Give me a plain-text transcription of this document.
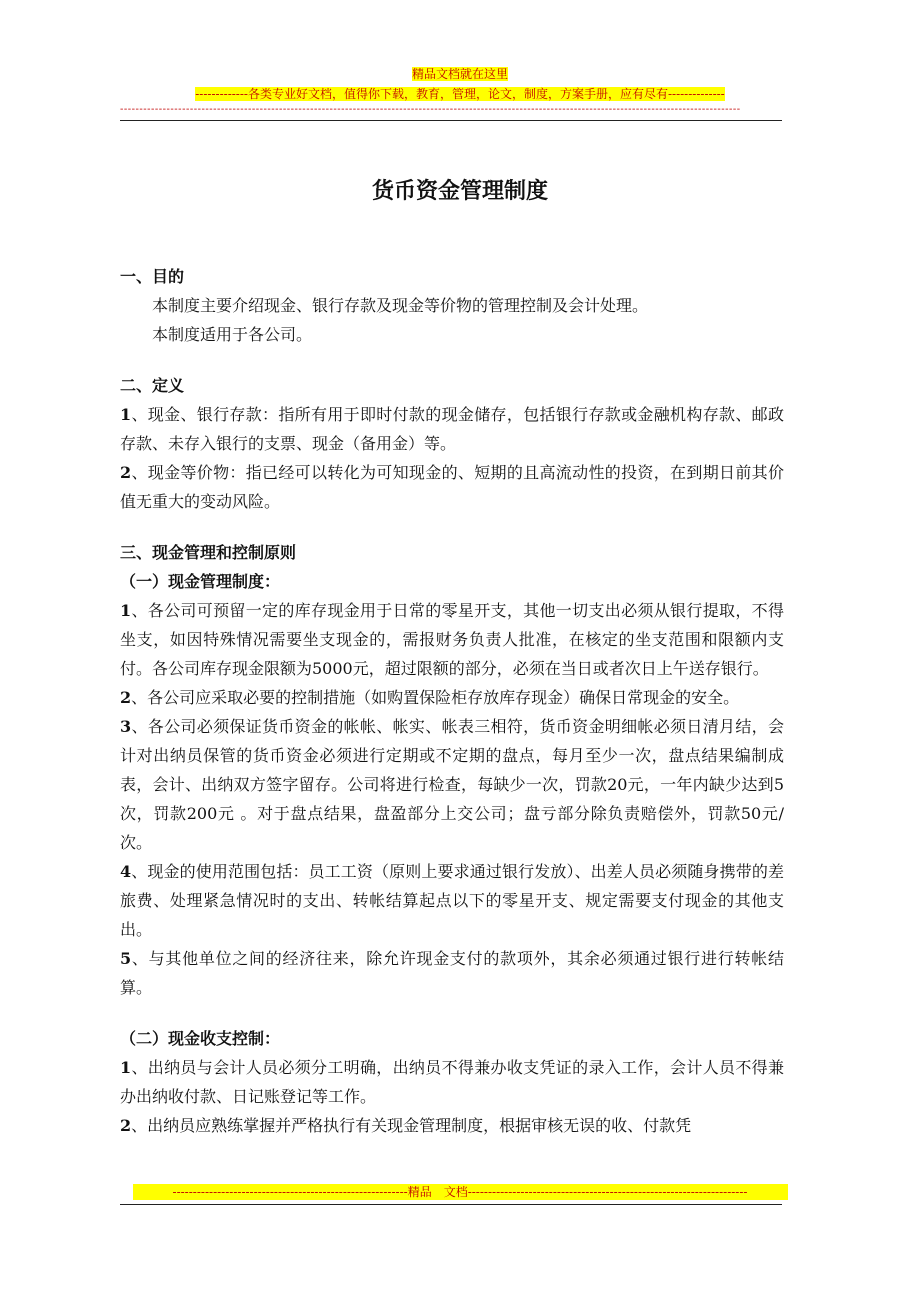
精品文档就在这里
-------------各类专业好文档，值得你下载，教育，管理，论文，制度，方案手册，应有尽有--------------
----------------------------------------------------------------------------------------------------------------------------------------------------------------
货币资金管理制度

一、目的

本制度主要介绍现金、银行存款及现金等价物的管理控制及会计处理。

本制度适用于各公司。

二、定义

1、现金、银行存款：指所有用于即时付款的现金储存，包括银行存款或金融机构存款、邮政存款、未存入银行的支票、现金（备用金）等。

2、现金等价物：指已经可以转化为可知现金的、短期的且高流动性的投资，在到期日前其价值无重大的变动风险。

三、现金管理和控制原则

（一）现金管理制度：

1、各公司可预留一定的库存现金用于日常的零星开支，其他一切支出必须从银行提取，不得坐支，如因特殊情况需要坐支现金的，需报财务负责人批准，在核定的坐支范围和限额内支付。各公司库存现金限额为5000元，超过限额的部分，必须在当日或者次日上午送存银行。

2、各公司应采取必要的控制措施（如购置保险柜存放库存现金）确保日常现金的安全。

3、各公司必须保证货币资金的帐帐、帐实、帐表三相符，货币资金明细帐必须日清月结，会计对出纳员保管的货币资金必须进行定期或不定期的盘点，每月至少一次，盘点结果编制成表，会计、出纳双方签字留存。公司将进行检查，每缺少一次，罚款20元，一年内缺少达到5次，罚款200元 。对于盘点结果，盘盈部分上交公司；盘亏部分除负责赔偿外，罚款50元/次。

4、现金的使用范围包括：员工工资（原则上要求通过银行发放）、出差人员必须随身携带的差旅费、处理紧急情况时的支出、转帐结算起点以下的零星开支、规定需要支付现金的其他支出。

5、与其他单位之间的经济往来，除允许现金支付的款项外，其余必须通过银行进行转帐结算。

（二）现金收支控制：

1、出纳员与会计人员必须分工明确，出纳员不得兼办收支凭证的录入工作，会计人员不得兼办出纳收付款、日记账登记等工作。

2、出纳员应熟练掌握并严格执行有关现金管理制度，根据审核无误的收、付款凭

----------------------------------------------------------精品　文档---------------------------------------------------------------------
